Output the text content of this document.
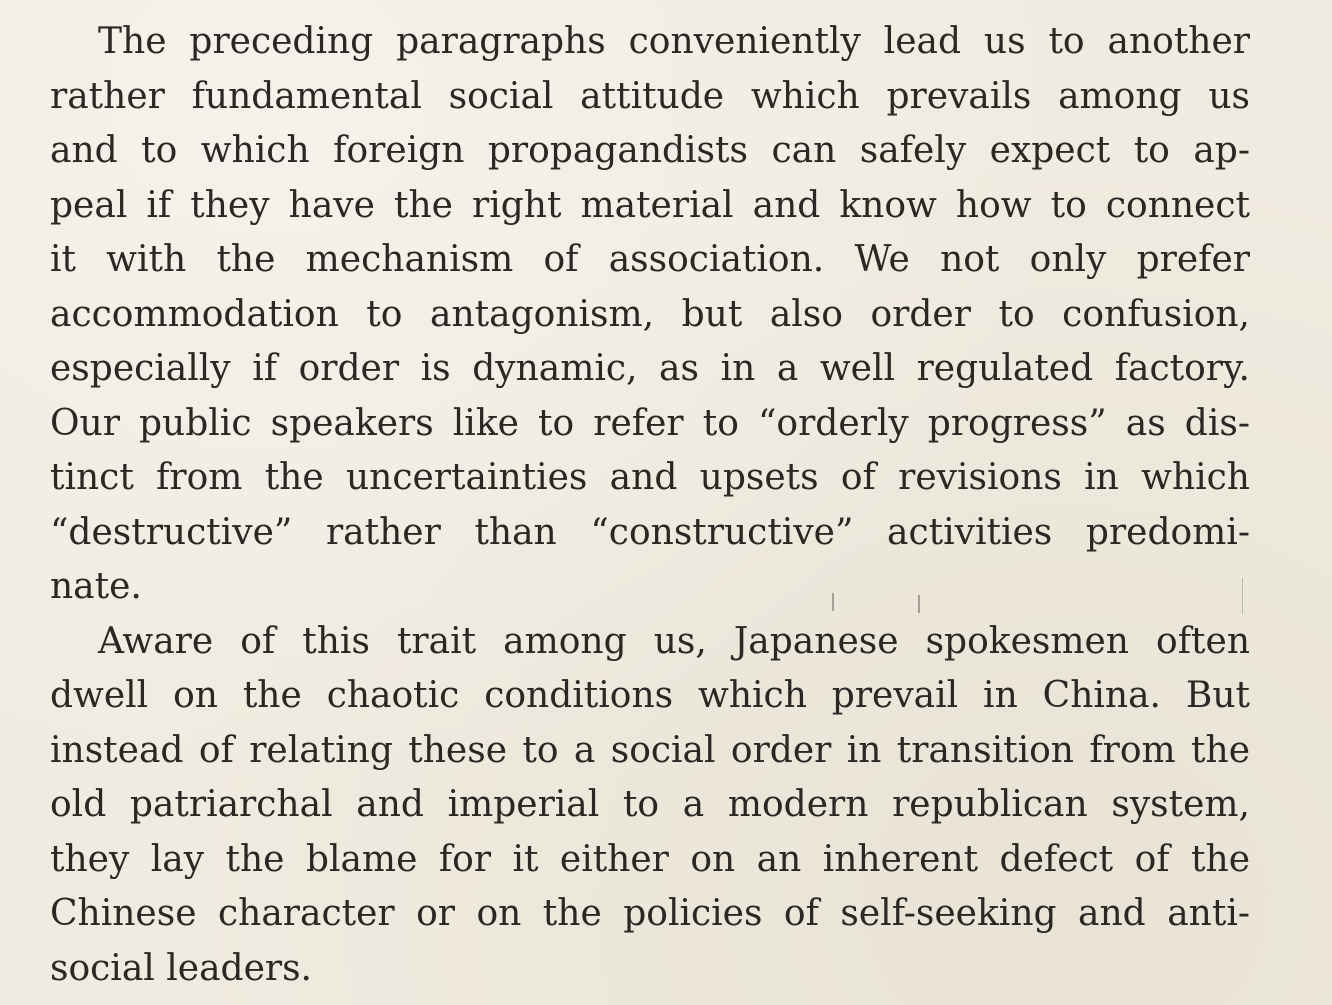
The preceding paragraphs conveniently lead us to another
rather fundamental social attitude which prevails among us
and to which foreign propagandists can safely expect to ap-
peal if they have the right material and know how to connect
it with the mechanism of association. We not only prefer
accommodation to antagonism, but also order to confusion,
especially if order is dynamic, as in a well regulated factory.
Our public speakers like to refer to “orderly progress” as dis-
tinct from the uncertainties and upsets of revisions in which
“destructive” rather than “constructive” activities predomi-
nate.
Aware of this trait among us, Japanese spokesmen often
dwell on the chaotic conditions which prevail in China. But
instead of relating these to a social order in transition from the
old patriarchal and imperial to a modern republican system,
they lay the blame for it either on an inherent defect of the
Chinese character or on the policies of self-seeking and anti-
social leaders.
